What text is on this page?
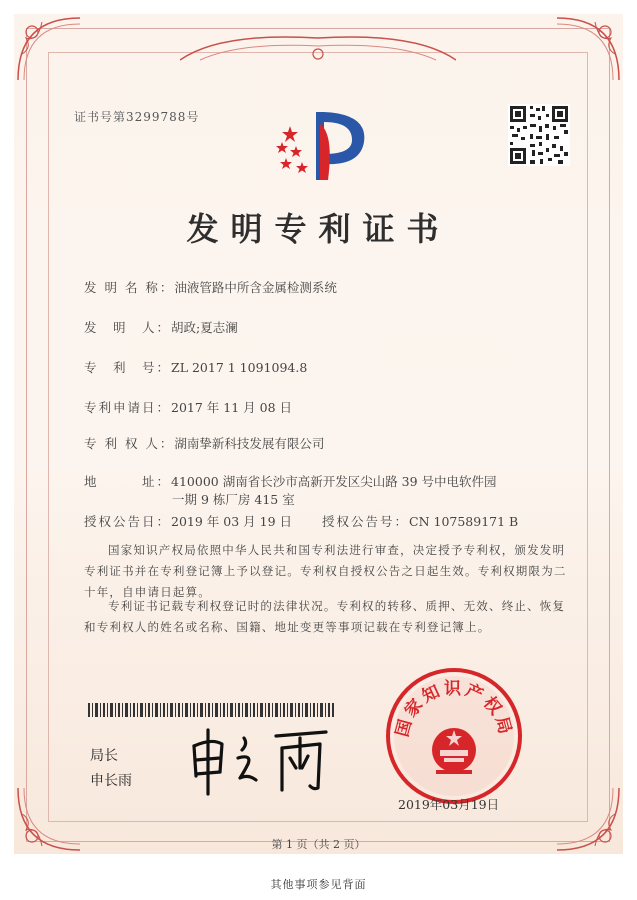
证书号第3299788号
发明专利证书
发 明 名 称：油液管路中所含金属检测系统
发　明　人：胡政;夏志澜
专　利　号：ZL 2017 1 1091094.8
专利申请日：2017 年 11 月 08 日
专 利 权 人：湖南挚新科技发展有限公司
地　　　址：410000 湖南省长沙市高新开发区尖山路 39 号中电软件园
一期 9 栋厂房 415 室
授权公告日：2019 年 03 月 19 日 授权公告号：CN 107589171 B
国家知识产权局依照中华人民共和国专利法进行审查，决定授予专利权，颁发发明专利证书并在专利登记簿上予以登记。专利权自授权公告之日起生效。专利权期限为二十年，自申请日起算。
专利证书记载专利权登记时的法律状况。专利权的转移、质押、无效、终止、恢复和专利权人的姓名或名称、国籍、地址变更等事项记载在专利登记簿上。
局长
申长雨
国家知识产权局
2019年03月19日
第 1 页（共 2 页）
其他事项参见背面
